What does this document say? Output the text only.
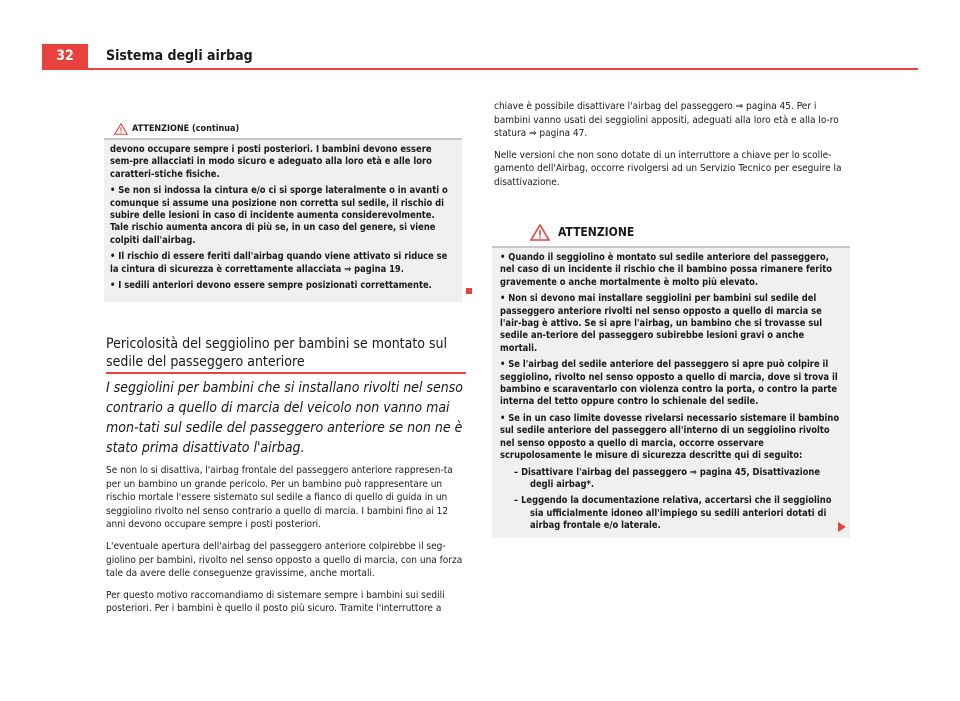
32	Sistema degli airbag
ATTENZIONE (continua)

devono occupare sempre i posti posteriori. I bambini devono essere sem-pre allacciati in modo sicuro e adeguato alla loro età e alle loro caratteri-stiche fisiche.

• Se non si indossa la cintura e/o ci si sporge lateralmente o in avanti o comunque si assume una posizione non corretta sul sedile, il rischio di subire delle lesioni in caso di incidente aumenta considerevolmente. Tale rischio aumenta ancora di più se, in un caso del genere, si viene colpiti dall'airbag.

• Il rischio di essere feriti dall'airbag quando viene attivato si riduce se la cintura di sicurezza è correttamente allacciata ⇒ pagina 19.

• I sedili anteriori devono essere sempre posizionati correttamente.

Pericolosità del seggiolino per bambini se montato sul sedile del passeggero anteriore
I seggiolini per bambini che si installano rivolti nel senso contrario a quello di marcia del veicolo non vanno mai mon-tati sul sedile del passeggero anteriore se non ne è stato prima disattivato l'airbag.

Se non lo si disattiva, l'airbag frontale del passeggero anteriore rappresen-ta per un bambino un grande pericolo. Per un bambino può rappresentare un rischio mortale l'essere sistemato sul sedile a fianco di quello di guida in un seggiolino rivolto nel senso contrario a quello di marcia. I bambini fino ai 12 anni devono occupare sempre i posti posteriori.

L'eventuale apertura dell'airbag del passeggero anteriore colpirebbe il seg-giolino per bambini, rivolto nel senso opposto a quello di marcia, con una forza tale da avere delle conseguenze gravissime, anche mortali.

Per questo motivo raccomandiamo di sistemare sempre i bambini sui sedili posteriori. Per i bambini è quello il posto più sicuro. Tramite l'interruttore a

chiave è possibile disattivare l'airbag del passeggero ⇒ pagina 45. Per i bambini vanno usati dei seggiolini appositi, adeguati alla loro età e alla lo-ro statura ⇒ pagina 47.

Nelle versioni che non sono dotate di un interruttore a chiave per lo scolle-gamento dell'Airbag, occorre rivolgersi ad un Servizio Tecnico per eseguire la disattivazione.

ATTENZIONE

• Quando il seggiolino è montato sul sedile anteriore del passeggero, nel caso di un incidente il rischio che il bambino possa rimanere ferito gravemente o anche mortalmente è molto più elevato.

• Non si devono mai installare seggiolini per bambini sul sedile del passeggero anteriore rivolti nel senso opposto a quello di marcia se l'air-bag è attivo. Se si apre l'airbag, un bambino che si trovasse sul sedile an-teriore del passeggero subirebbe lesioni gravi o anche mortali.

• Se l'airbag del sedile anteriore del passeggero si apre può colpire il seggiolino, rivolto nel senso opposto a quello di marcia, dove si trova il bambino e scaraventarlo con violenza contro la porta, o contro la parte interna del tetto oppure contro lo schienale del sedile.

• Se in un caso limite dovesse rivelarsi necessario sistemare il bambino sul sedile anteriore del passeggero all'interno di un seggiolino rivolto nel senso opposto a quello di marcia, occorre osservare scrupolosamente le misure di sicurezza descritte qui di seguito:

– Disattivare l'airbag del passeggero ⇒ pagina 45, Disattivazione degli airbag*.

– Leggendo la documentazione relativa, accertarsi che il seggiolino sia ufficialmente idoneo all'impiego su sedili anteriori dotati di airbag frontale e/o laterale.
